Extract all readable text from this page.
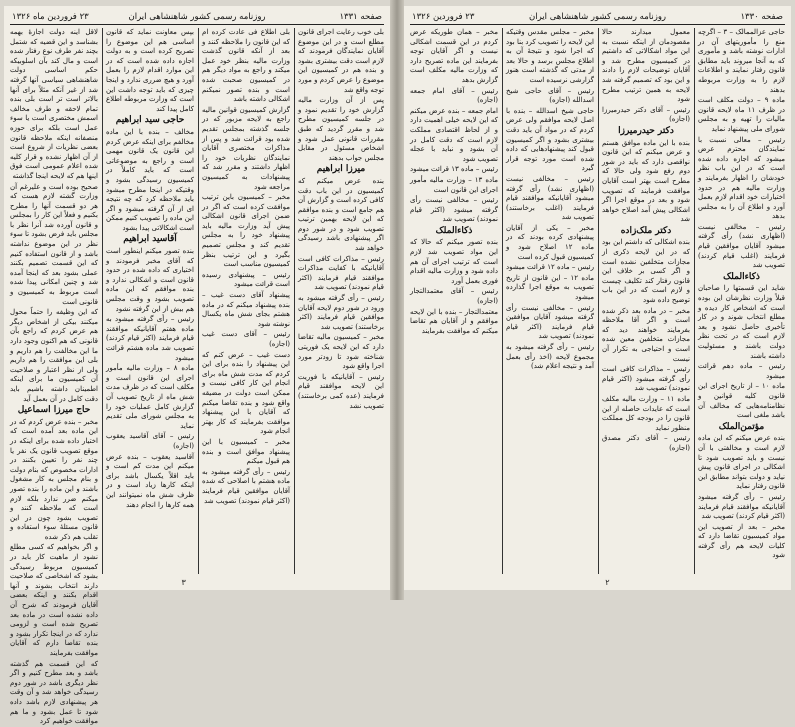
۲۳ فروردین ماه ۱۳۲۶	روزنامه رسمی کشور شاهنشاهی ایران	صفحه ۱۳۳۱

لاقل اینه دولت اجازهٔ بهمه بشناسد و این قضیه که شتمل بچند نفر طرف نوع رفتار شده است و مال کند بآن اسلوبیکه حکم اساسی دولت شاهنشاهی سیاسی آنها گرفته شد از غیر آنکه مثلاً برای آنها بالاتر است تر است بلی بنده تمام لاحقه و طرف مخالف اسمش مختصری است یا سوء عمل است بلکه برای حوزه منصفانه اینکه ملاحظه قانون بعضی نظریات از شروع است از آن اظهار نشده و قرار کلیه شده اعلام عمومی است فوق اینها هم که لایحه اینجا گذاشته

صحیح بوده است و علیرغم آن وزارت گشته لازم هست که هر دو قسمت آنها را مطرح بکنیم و فعلاً این کار را بمجلس و قانون آورده شد آنرا نظر با مجلس باید فرض بشود تا سوء نظر در این موضوع نداشته باشد و از قانون استفاده کنیم که این قسمت تصمیم بکنند عملی بشود بعد که اینجا آمده شد و چنین امکانی پیدا شده است مربوط به کمیسیون و قانونی است

که این وظیفه را حتماً محول میکنند بیکی از اشخاص دیگر هم عرض کردم که راجع بآن قانونی که هم اکنون وجود دارد ما این مخالفت را هم داریم و بلی این موافقت را هم داریم ولی از نظر اعتبار و صلاحیت آن کمیسیون ما برای اینکه اطمینان داشته باشیم باید دقت کامل در آن بعمل آید

حاج میرزا اسماعیل

مخبر – بنده عرض کردم که در این ماده بعد آمده است که اختیار داده شده برای اینکه در موقع تصویب قانون یک نفر یا چند نفر را تعیین بکنند در ادارات مخصوص که بنام دولت و بنام مجلس به کار مشغول باشند و این ماده را بنده تصور میکنم ضرر ندارد بلکه لازم است که ملاحظه کنند و تصویب بشود چون در این قانون مسئلهٔ سوء استفاده و تقلب هم ذکر شده

و اگر بخواهیم که کسی مطلع نشود از ماهیت کار باید در کمیسیون مربوط رسیدگی بشود که اشخاصی که صلاحیت دارند انتخاب بشوند و آنها اقدام بکنند و اینکه بعضی آقایان فرمودند که شرح آن داده نشده است در ماده بعد تصریح شده است و لزومی ندارد که در اینجا تکرار بشود و بنده تقاضا دارم که آقایان موافقت بفرمایند

که این قسمت هم گذشته باشد و بعد مطرح کنیم و اگر نظر دیگری باشد در شور دوم رسیدگی خواهد شد و آن وقت هر پیشنهادی لازم باشد داده شود تا عمل بشود و ما هم موافقت خواهیم کرد

بپس معاونت نماید که قانون اساسی هم این موضوع را تصریح کرده است و به دولت اجازه داده شده است که در این موارد اقدام لازم را بعمل آورد و هیچ ضرری ندارد و اینجا چیزی که باید توجه داشت این است که وزارت مربوطه اطلاع کامل پیدا کند

حاجی سید ابراهیم

مخالف – بنده با این ماده مخالفم برای اینکه عرض کردم این قانون یک قانون مهمی است و راجع به موضوعاتی است که باید کاملاً در کمیسیون رسیدگی بشود و وقتیکه در اینجا مطرح میشود باید ملاحظه کرد که چه نتیجه ای از آن گرفته میشود و اگر این ماده را تصویب کنیم ممکن است اشکالاتی پیدا بشود

آقاسید ابراهیم

بنده تصور میکنم اینطور است که آقای مخبر فرمودند و اختیاری که داده شده در حدود قانون است و اشکالی ندارد و بنده موافقم که این ماده تصویب بشود و وقت مجلس هم بیش از این گرفته نشود

رئیس – رأی گرفته میشود به ماده هفتم آقایانیکه موافقند قیام فرمایند (اکثر قیام کردند) تصویب شد ماده هشتم قرائت میشود

ماده ۸ – وزارت مالیه مأمور اجرای این قانون است و مکلف است که در ظرف مدت شش ماه از تاریخ تصویب آن گزارش کامل عملیات خود را به مجلس شورای ملی تقدیم نماید

رئیس – آقای آقاسید یعقوب (اجازه)

آقاسید یعقوب – بنده عرض میکنم این مدت کم است و باید اقلاً یکسال باشد برای اینکه کارها زیاد است و در ظرف شش ماه نمیتوانند این همه کارها را انجام دهند

بلی اطلاع فی عادت کرده ام که این قانون را ملاحظه کنند و بعد از آنکه قانون گذشت وزارت مالیه بنظر خود عمل میکند و راجع به مواد دیگر هم در کمیسیون صحبت شده است و بنده تصور نمیکنم اشکالی داشته باشد

گزارش کمیسیون قوانین مالیه راجع به لایحه مزبور که در جلسه گذشته بمجلس تقدیم شده بود قرائت شد و پس از مذاکرات مختصری آقایان نمایندگان نظریات خود را اظهار داشتند و مقرر شد که پیشنهادات به کمیسیون مراجعه شود

مخبر – کمیسیون باین ترتیب موافقت کرده است که اگر در ضمن اجرای قانون اشکالی پیش آید وزارت مالیه باید پیشنهاد خود را به مجلس تقدیم کند و مجلس تصمیم بگیرد و این ترتیب بنظر کمیسیون مناسب است

رئیس – پیشنهادی رسیده است قرائت میشود

پیشنهاد آقای دست غیب – بنده پیشنهاد میکنم که در ماده هشتم بجای شش ماه یکسال نوشته شود

رئیس – آقای دست غیب (اجازه)

دست غیب – عرض کنم که این پیشنهاد را بنده برای این کردم که مدت شش ماه برای انجام این کار کافی نیست و ممکن است دولت در مضیقه واقع شود و بنده تقاضا میکنم که آقایان با این پیشنهاد موافقت بفرمایند که کار بهتر انجام شود

مخبر – کمیسیون با این پیشنهاد موافق است و بنده هم قبول میکنم

رئیس – رأی گرفته میشود به ماده هشتم با اصلاحی که شده آقایان موافقین قیام فرمایند (اکثر قیام نمودند) تصویب شد

بلی خوب رعایت اجرای قانون مطلع است و در این موضوع آقایان نمایندگان فرمودند که لازم است دقت بیشتری بشود و بنده هم در کمیسیون این موضوع را عرض کردم و مورد توجه واقع شد

پس از آن وزارت مالیه گزارش خود را تقدیم نمود و در جلسه کمیسیون مطرح شد و مقرر گردید که طبق مقررات قانونی عمل شود و اشخاص مسئول در مقابل مجلس جواب بدهند

میرزا ابراهیم

بنده عرض میکنم که کمیسیون در این باب دقت کافی کرده است و گزارش آن هم جامع است و بنده موافقم که این لایحه بهمین ترتیب تصویب شود و در شور دوم اگر پیشنهادی باشد رسیدگی خواهد شد

رئیس – مذاکرات کافی است آقایانیکه با کفایت مذاکرات موافقند قیام فرمایند (اکثر قیام نمودند) تصویب شد

رئیس – رأی گرفته میشود به ورود در شور دوم لایحه آقایان موافقین قیام فرمایند (اکثر برخاستند) تصویب شد

مخبر – کمیسیون مالیه تقاضا دارد که این لایحه یک فوریتی شناخته شود تا زودتر مورد اجرا واقع شود

رئیس – آقایانیکه با فوریت این لایحه موافقند قیام فرمایند (عده کمی برخاستند) تصویب نشد

۳
۲۳ فروردین ۱۳۲۶	روزنامه رسمی کشور شاهنشاهی ایران	صفحه ۱۳۳۰

مخبر – همان طوریکه عرض کردم در این قسمت اشکالی نیست و اگر آقایان توجه بفرمایند این ماده تصریح دارد که وزارت مالیه مکلف است گزارش بدهد

رئیس – آقای امام جمعه (اجازه)

امام جمعه – بنده عرض میکنم که این لایحه خیلی اهمیت دارد و از لحاظ اقتصادی مملکت لازم است که دقت کامل در آن بشود و نباید با عجله تصویب شود

رئیس – ماده ۱۳ قرائت میشود

ماده ۱۳ – وزارت مالیه مأمور اجرای این قانون است

رئیس – مخالفی نیست رأی گرفته میشود (اکثر قیام نمودند) تصویب شد

ذکاءالملک

بنده تصور میکنم که حالا که این مواد تصویب شد لازم است که ترتیب اجرای آن هم داده شود و وزارت مالیه اقدام فوری بعمل آورد

رئیس – آقای معتمدالتجار (اجازه)

معتمدالتجار – بنده با این لایحه موافقم و از آقایان هم تقاضا میکنم که موافقت بفرمایند

مخبر – مجلس مقدس وقتیکه این لایحه را تصویب کرد بنا بود که اجرا شود و نتیجهٔ آن به اطلاع مجلس برسد و حالا بعد از مدتی که گذشته است هنوز گزارشی نرسیده است

رئیس – آقای حاجی شیخ اسدالله (اجازه)

حاجی شیخ اسدالله – بنده با اصل لایحه موافقم ولی عرض کردم که در مواد آن باید دقت بیشتری بشود و اگر کمیسیون قبول کند پیشنهادهایی که داده شده است مورد توجه قرار گیرد

رئیس – مخالفی نیست (اظهاری نشد) رأی گرفته میشود آقایانیکه موافقند قیام فرمایند (اغلب برخاستند) تصویب شد

مخبر – یکی از آقایان پیشنهادی کرده بودند که در ماده ۱۲ اصلاح شود و کمیسیون قبول کرده است

رئیس – ماده ۱۲ قرائت میشود

ماده ۱۲ – این قانون از تاریخ تصویب به موقع اجرا گذارده میشود

رئیس – مخالفی نیست رأی گرفته میشود آقایان موافقین قیام فرمایند (اکثر قیام نمودند) تصویب شد

رئیس – رأی گرفته میشود به مجموع لایحه (اخذ رأی بعمل آمد و نتیجه اعلام شد)

معمول میدارند حالا مقصودمان از اینکه نسبت به این مواد اشکالاتی که داشتیم در کمیسیون مطرح شد و آقایان توضیحات لازم را دادند و این بود که تصمیم گرفته شد لایحه به همین ترتیب مطرح شود

رئیس – آقای دکتر حیدرمیرزا (اجازه)

دکتر حیدرمیرزا

بنده با این ماده موافق هستم و عرض میکنم که این قانون نواقصی دارد که باید در شور دوم رفع شود ولی حالا که مطرح است بهتر است آقایان موافقت فرمایند که تصویب شود و بعد در موقع اجرا اگر اشکالی پیش آمد اصلاح خواهد شد

دکتر ملک‌زاده

بنده اشکالی که داشتم این بود که در این لایحه ذکری از مجازات متخلفین نشده است و اگر کسی بر خلاف این قانون رفتار کند تکلیف چیست و لازم است که در این باب توضیح داده شود

مخبر – در ماده بعد ذکر شده است و اگر آقا ملاحظه بفرمایند خواهند دید که مجازات متخلفین معین شده است و احتیاجی به تکرار آن نیست

رئیس – مذاکرات کافی است رأی گرفته میشود (اکثر قیام نمودند) تصویب شد

ماده ۱۱ – وزارت مالیه مکلف است که عایدات حاصله از این قانون را در بودجه کل مملکت منظور نماید

رئیس – آقای دکتر مصدق (اجازه)

حاجی عزالممالک – ۳ – اگرچه منع را مأموریتهای آن در ادارات نوشته باشد و مأموری که به آنجا میروند باید مطابق قانون رفتار نمایند و اطلاعات لازم را به وزارت مربوطه بدهند

ماده ۹ – دولت مکلف است در ظرف ۱۱ ماه لایحه قانون مالیات را تهیه و به مجلس شورای ملی پیشنهاد نماید

رئیس – معالی نسبت با نمایندگان محترم عرض میشود که اجازه داده شده است که در این باب نظر خودشان را اظهار بفرمایند و وزارت مالیه هم در حدود اختیارات خود اقدام لازم بعمل آورد و اطلاع آن را به مجلس بدهد

رئیس – مخالفی نیست (اظهاری نشد) رأی گرفته میشود آقایان موافقین قیام فرمایند (اغلب قیام کردند) تصویب شد

ذکاءالملک

شاید این قسمتها را صاحبان قبلاً وزارت نظرشان این بوده است که اشخاص کار دیده و مطلع انتخاب شوند و در کار تأخیری حاصل نشود و بعد لازم است که در تحت نظر دولت باشند و مسئولیت داشته باشند

رئیس – ماده دهم قرائت میشود

ماده ۱۰ – از تاریخ اجرای این قانون کلیه قوانین و نظامنامه‌هایی که مخالف آن باشد ملغی است

مؤتمن‌الملک

بنده عرض میکنم که این ماده لازم است و مخالفتی با آن نیست و باید تصویب شود تا اشکالی در اجرای قانون پیش نیاید و دولت بتواند مطابق این قانون رفتار نماید

رئیس – رأی گرفته میشود آقایانیکه موافقند قیام فرمایند (اکثر قیام کردند) تصویب شد

مخبر – بعد از تصویب این مواد کمیسیون تقاضا دارد که کلیات لایحه هم رأی گرفته شود

۲
